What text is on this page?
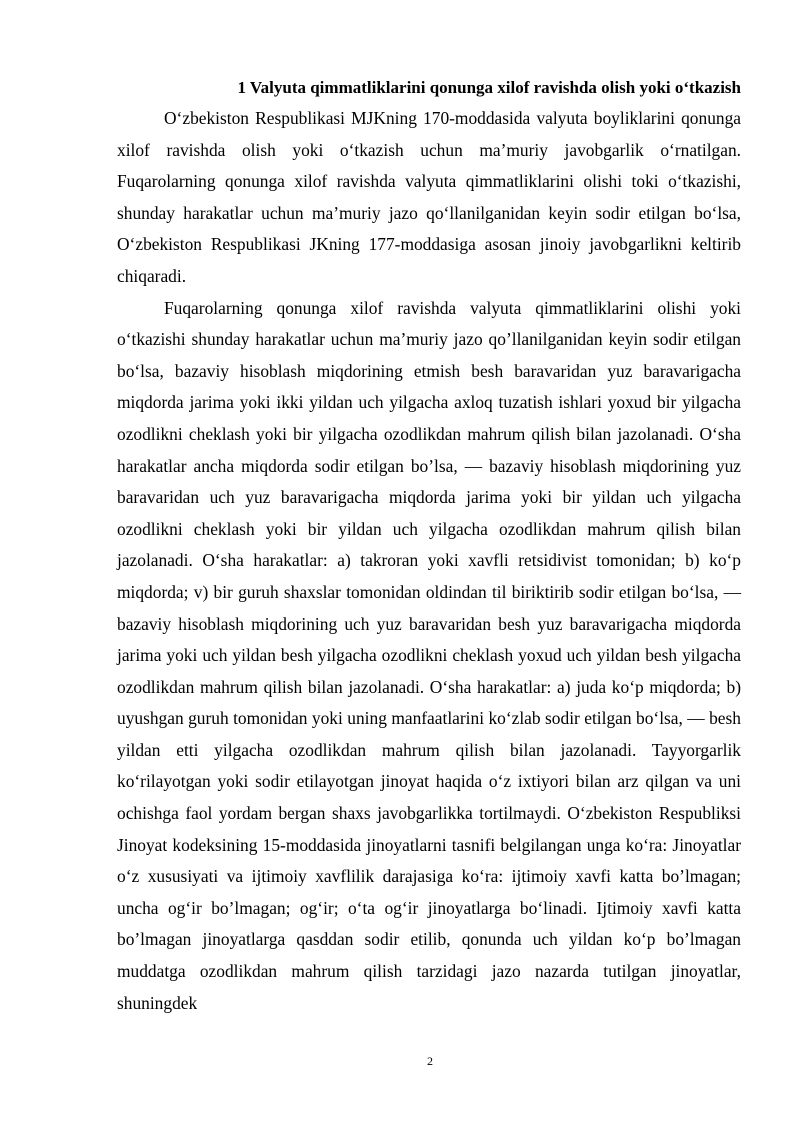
1 Valyuta qimmatliklarini qonunga xilof ravishda olish yoki o‘tkazish

O‘zbekiston Respublikasi MJKning 170-moddasida valyuta boyliklarini qonunga xilof ravishda olish yoki o‘tkazish uchun ma’muriy javobgarlik o‘rnatilgan. Fuqarolarning qonunga xilof ravishda valyuta qimmatliklarini olishi toki o‘tkazishi, shunday harakatlar uchun ma’muriy jazo qo‘llanilganidan keyin sodir etilgan bo‘lsa, O‘zbekiston Respublikasi JKning 177-moddasiga asosan jinoiy javobgarlikni keltirib chiqaradi.

Fuqarolarning qonunga xilof ravishda valyuta qimmatliklarini olishi yoki o‘tkazishi shunday harakatlar uchun ma’muriy jazo qo’llanilganidan keyin sodir etilgan bo‘lsa, bazaviy hisoblash miqdorining etmish besh baravaridan yuz baravarigacha miqdorda jarima yoki ikki yildan uch yilgacha axloq tuzatish ishlari yoxud bir yilgacha ozodlikni cheklash yoki bir yilgacha ozodlikdan mahrum qilish bilan jazolanadi. O‘sha harakatlar ancha miqdorda sodir etilgan bo’lsa, — bazaviy hisoblash miqdorining yuz baravaridan uch yuz baravarigacha miqdorda jarima yoki bir yildan uch yilgacha ozodlikni cheklash yoki bir yildan uch yilgacha ozodlikdan mahrum qilish bilan jazolanadi. O‘sha harakatlar: a) takroran yoki xavfli retsidivist tomonidan; b) ko‘p miqdorda; v) bir guruh shaxslar tomonidan oldindan til biriktirib sodir etilgan bo‘lsa, — bazaviy hisoblash miqdorining uch yuz baravaridan besh yuz baravarigacha miqdorda jarima yoki uch yildan besh yilgacha ozodlikni cheklash yoxud uch yildan besh yilgacha ozodlikdan mahrum qilish bilan jazolanadi. O‘sha harakatlar: a) juda ko‘p miqdorda; b) uyushgan guruh tomonidan yoki uning manfaatlarini ko‘zlab sodir etilgan bo‘lsa, — besh yildan etti yilgacha ozodlikdan mahrum qilish bilan jazolanadi. Tayyorgarlik ko‘rilayotgan yoki sodir etilayotgan jinoyat haqida o‘z ixtiyori bilan arz qilgan va uni ochishga faol yordam bergan shaxs javobgarlikka tortilmaydi. O‘zbekiston Respubliksi Jinoyat kodeksining 15-moddasida jinoyatlarni tasnifi belgilangan unga ko‘ra: Jinoyatlar o‘z xususiyati va ijtimoiy xavflilik darajasiga ko‘ra: ijtimoiy xavfi katta bo’lmagan; uncha og‘ir bo’lmagan; og‘ir; o‘ta og‘ir jinoyatlarga bo‘linadi. Ijtimoiy xavfi katta bo’lmagan jinoyatlarga qasddan sodir etilib, qonunda uch yildan ko‘p bo’lmagan muddatga ozodlikdan mahrum qilish tarzidagi jazo nazarda tutilgan jinoyatlar, shuningdek

2
